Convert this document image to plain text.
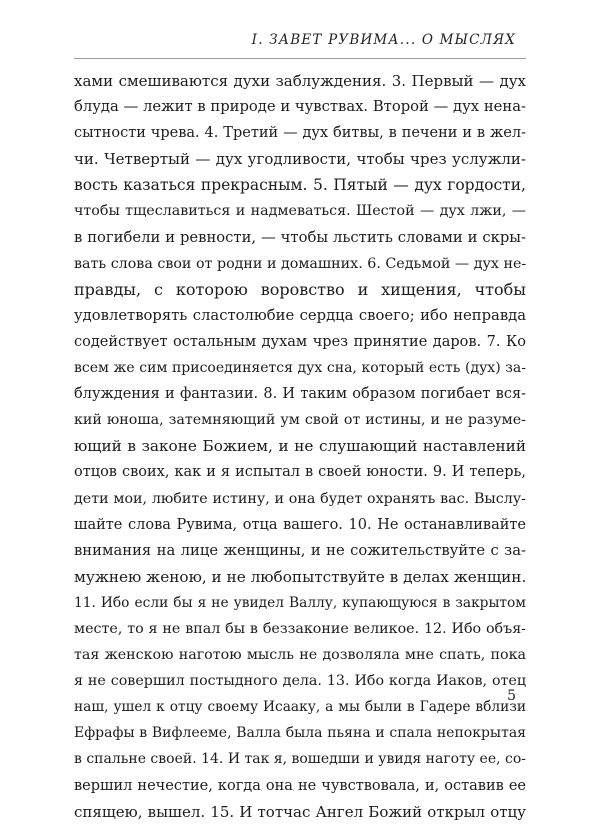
I. ЗАВЕТ РУВИМА... О МЫСЛЯХ
хами смешиваются духи заблуждения. 3. Первый — дух
блуда — лежит в природе и чувствах. Второй — дух нена-
сытности чрева. 4. Третий — дух битвы, в печени и в жел-
чи. Четвертый — дух угодливости, чтобы чрез услужли-
вость казаться прекрасным. 5. Пятый — дух гордости,
чтобы тщеславиться и надмеваться. Шестой — дух лжи, —
в погибели и ревности, — чтобы льстить словами и скры-
вать слова свои от родни и домашних. 6. Седьмой — дух не-
правды, с которою воровство и хищения, чтобы
удовлетворять сластолюбие сердца своего; ибо неправда
содействует остальным духам чрез принятие даров. 7. Ко
всем же сим присоединяется дух сна, который есть (дух) за-
блуждения и фантазии. 8. И таким образом погибает вся-
кий юноша, затемняющий ум свой от истины, и не разуме-
ющий в законе Божием, и не слушающий наставлений
отцов своих, как и я испытал в своей юности. 9. И теперь,
дети мои, любите истину, и она будет охранять вас. Выслу-
шайте слова Рувима, отца вашего. 10. Не останавливайте
внимания на лице женщины, и не сожительствуйте с за-
мужнею женою, и не любопытствуйте в делах женщин.
11. Ибо если бы я не увидел Валлу, купающуюся в закрытом
месте, то я не впал бы в беззаконие великое. 12. Ибо объя-
тая женскою наготою мысль не дозволяла мне спать, пока
я не совершил постыдного дела. 13. Ибо когда Иаков, отец
наш, ушел к отцу своему Исааку, а мы были в Гадере вблизи
Ефрафы в Вифлееме, Валла была пьяна и спала непокрытая
в спальне своей. 14. И так я, вошедши и увидя наготу ее, со-
вершил нечестие, когда она не чувствовала, и, оставив ее
спящею, вышел. 15. И тотчас Ангел Божий открыл отцу
5
